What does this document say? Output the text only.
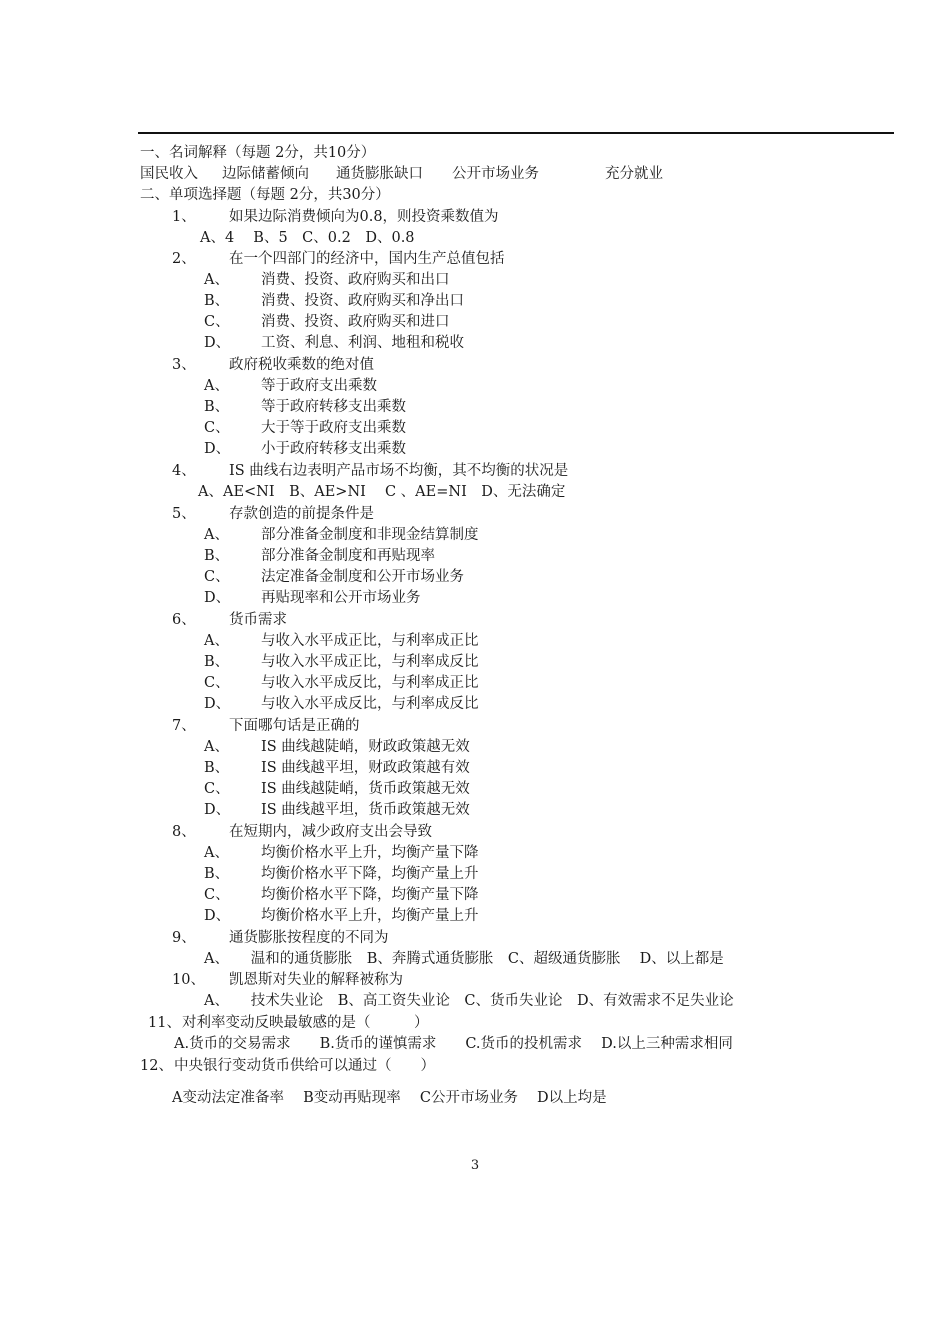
一、名词解释（每题 2分，共10分）
国民收入 边际储蓄倾向 通货膨胀缺口 公开市场业务	充分就业
二、单项选择题（每题 2分，共30分）
1、 如果边际消费倾向为0.8，则投资乘数值为
A、4　 B、5　C、0.2　D、0.8
2、 在一个四部门的经济中，国内生产总值包括
A、 消费、投资、政府购买和出口
B、 消费、投资、政府购买和净出口
C、 消费、投资、政府购买和进口
D、 工资、利息、利润、地租和税收
3、 政府税收乘数的绝对值
A、 等于政府支出乘数
B、 等于政府转移支出乘数
C、 大于等于政府支出乘数
D、 小于政府转移支出乘数
4、 IS 曲线右边表明产品市场不均衡，其不均衡的状况是
A、AE<NI　B、AE>NI　 C 、AE=NI　D、无法确定
5、 存款创造的前提条件是
A、 部分准备金制度和非现金结算制度
B、 部分准备金制度和再贴现率
C、 法定准备金制度和公开市场业务
D、 再贴现率和公开市场业务
6、 货币需求
A、 与收入水平成正比，与利率成正比
B、 与收入水平成正比，与利率成反比
C、 与收入水平成反比，与利率成正比
D、 与收入水平成反比，与利率成反比
7、 下面哪句话是正确的
A、 IS 曲线越陡峭，财政政策越无效
B、 IS 曲线越平坦，财政政策越有效
C、 IS 曲线越陡峭，货币政策越无效
D、 IS 曲线越平坦，货币政策越无效
8、 在短期内，减少政府支出会导致
A、 均衡价格水平上升，均衡产量下降
B、 均衡价格水平下降，均衡产量上升
C、 均衡价格水平下降，均衡产量下降
D、 均衡价格水平上升，均衡产量上升
9、 通货膨胀按程度的不同为
A、　　温和的通货膨胀　B、奔腾式通货膨胀　C、超级通货膨胀　 D、以上都是
10、 凯恩斯对失业的解释被称为
A、　　技术失业论　B、高工资失业论　C、货币失业论　D、有效需求不足失业论
11、 对利率变动反映最敏感的是（　　　）
A.货币的交易需求　　B.货币的谨慎需求　　C.货币的投机需求　 D.以上三种需求相同
12、 中央银行变动货币供给可以通过（　　）
A变动法定准备率　 B变动再贴现率　 C公开市场业务　 D以上均是
3
